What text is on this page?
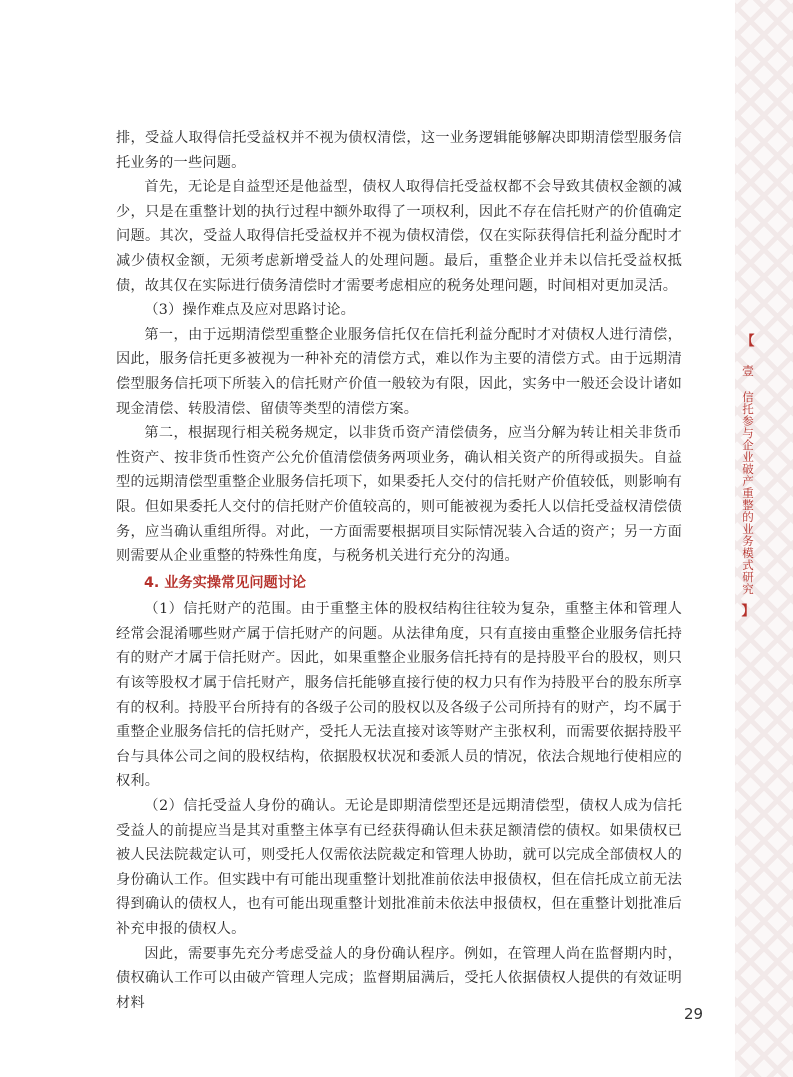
排，受益人取得信托受益权并不视为债权清偿，这一业务逻辑能够解决即期清偿型服务信托业务的一些问题。

首先，无论是自益型还是他益型，债权人取得信托受益权都不会导致其债权金额的减少，只是在重整计划的执行过程中额外取得了一项权利，因此不存在信托财产的价值确定问题。其次，受益人取得信托受益权并不视为债权清偿，仅在实际获得信托利益分配时才减少债权金额，无须考虑新增受益人的处理问题。最后，重整企业并未以信托受益权抵债，故其仅在实际进行债务清偿时才需要考虑相应的税务处理问题，时间相对更加灵活。

（3）操作难点及应对思路讨论。

第一，由于远期清偿型重整企业服务信托仅在信托利益分配时才对债权人进行清偿，因此，服务信托更多被视为一种补充的清偿方式，难以作为主要的清偿方式。由于远期清偿型服务信托项下所装入的信托财产价值一般较为有限，因此，实务中一般还会设计诸如现金清偿、转股清偿、留债等类型的清偿方案。

第二，根据现行相关税务规定，以非货币资产清偿债务，应当分解为转让相关非货币性资产、按非货币性资产公允价值清偿债务两项业务，确认相关资产的所得或损失。自益型的远期清偿型重整企业服务信托项下，如果委托人交付的信托财产价值较低，则影响有限。但如果委托人交付的信托财产价值较高的，则可能被视为委托人以信托受益权清偿债务，应当确认重组所得。对此，一方面需要根据项目实际情况装入合适的资产；另一方面则需要从企业重整的特殊性角度，与税务机关进行充分的沟通。

4. 业务实操常见问题讨论

（1）信托财产的范围。由于重整主体的股权结构往往较为复杂，重整主体和管理人经常会混淆哪些财产属于信托财产的问题。从法律角度，只有直接由重整企业服务信托持有的财产才属于信托财产。因此，如果重整企业服务信托持有的是持股平台的股权，则只有该等股权才属于信托财产，服务信托能够直接行使的权力只有作为持股平台的股东所享有的权利。持股平台所持有的各级子公司的股权以及各级子公司所持有的财产，均不属于重整企业服务信托的信托财产，受托人无法直接对该等财产主张权利，而需要依据持股平台与具体公司之间的股权结构，依据股权状况和委派人员的情况，依法合规地行使相应的权利。

（2）信托受益人身份的确认。无论是即期清偿型还是远期清偿型，债权人成为信托受益人的前提应当是其对重整主体享有已经获得确认但未获足额清偿的债权。如果债权已被人民法院裁定认可，则受托人仅需依法院裁定和管理人协助，就可以完成全部债权人的身份确认工作。但实践中有可能出现重整计划批准前依法申报债权，但在信托成立前无法得到确认的债权人，也有可能出现重整计划批准前未依法申报债权，但在重整计划批准后补充申报的债权人。

因此，需要事先充分考虑受益人的身份确认程序。例如，在管理人尚在监督期内时，债权确认工作可以由破产管理人完成；监督期届满后，受托人依据债权人提供的有效证明材料

【
壹
信托参与企业破产重整的业务模式研究
】
29
